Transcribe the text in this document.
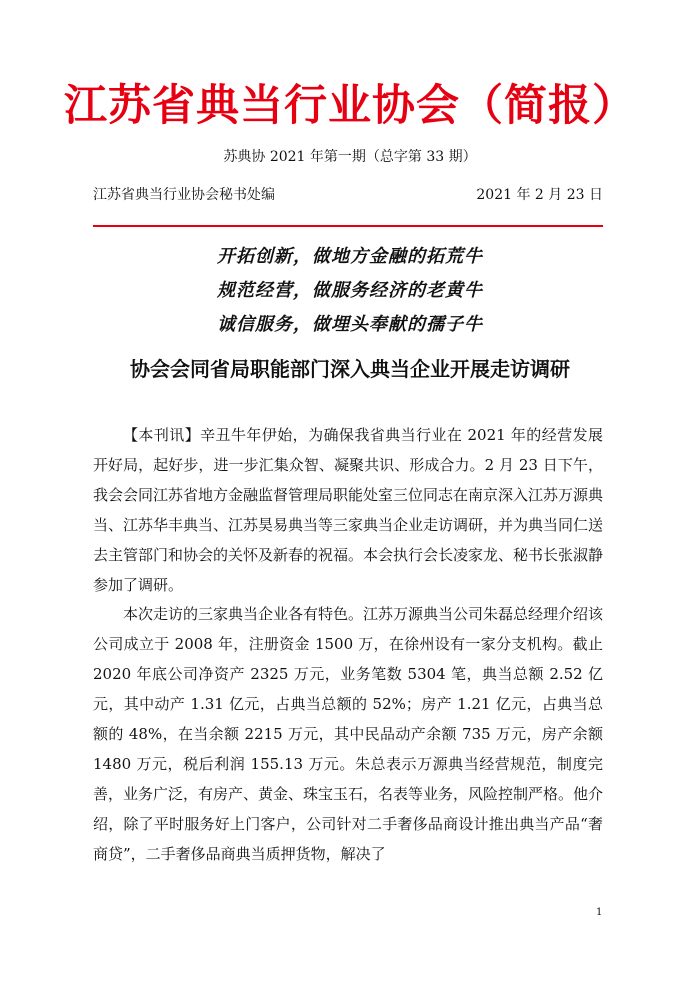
江苏省典当行业协会（简报）
苏典协 2021 年第一期（总字第 33 期）
江苏省典当行业协会秘书处编	2021 年 2 月 23 日
开拓创新，做地方金融的拓荒牛
规范经营，做服务经济的老黄牛
诚信服务，做埋头奉献的孺子牛
协会会同省局职能部门深入典当企业开展走访调研

【本刊讯】辛丑牛年伊始，为确保我省典当行业在 2021 年的经营发展开好局，起好步，进一步汇集众智、凝聚共识、形成合力。2 月 23 日下午，我会会同江苏省地方金融监督管理局职能处室三位同志在南京深入江苏万源典当、江苏华丰典当、江苏昊易典当等三家典当企业走访调研，并为典当同仁送去主管部门和协会的关怀及新春的祝福。本会执行会长凌家龙、秘书长张淑静参加了调研。

本次走访的三家典当企业各有特色。江苏万源典当公司朱磊总经理介绍该公司成立于 2008 年，注册资金 1500 万，在徐州设有一家分支机构。截止 2020 年底公司净资产 2325 万元，业务笔数 5304 笔，典当总额 2.52 亿元，其中动产 1.31 亿元，占典当总额的 52%；房产 1.21 亿元，占典当总额的 48%，在当余额 2215 万元，其中民品动产余额 735 万元，房产余额 1480 万元，税后利润 155.13 万元。朱总表示万源典当经营规范，制度完善，业务广泛，有房产、黄金、珠宝玉石，名表等业务，风险控制严格。他介绍，除了平时服务好上门客户，公司针对二手奢侈品商设计推出典当产品“奢商贷”，二手奢侈品商典当质押货物，解决了

1
